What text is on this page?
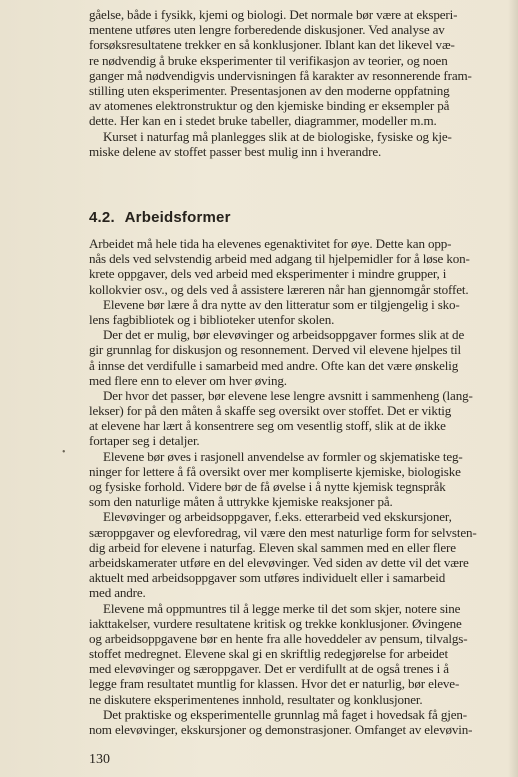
gåelse, både i fysikk, kjemi og biologi. Det normale bør være at eksperi-
mentene utføres uten lengre forberedende diskusjoner. Ved analyse av
forsøksresultatene trekker en så konklusjoner. Iblant kan det likevel væ-
re nødvendig å bruke eksperimenter til verifikasjon av teorier, og noen
ganger må nødvendigvis undervisningen få karakter av resonnerende fram-
stilling uten eksperimenter. Presentasjonen av den moderne oppfatning
av atomenes elektronstruktur og den kjemiske binding er eksempler på
dette. Her kan en i stedet bruke tabeller, diagrammer, modeller m.m.
Kurset i naturfag må planlegges slik at de biologiske, fysiske og kje-
miske delene av stoffet passer best mulig inn i hverandre.
4.2. Arbeidsformer
Arbeidet må hele tida ha elevenes egenaktivitet for øye. Dette kan opp-
nås dels ved selvstendig arbeid med adgang til hjelpemidler for å løse kon-
krete oppgaver, dels ved arbeid med eksperimenter i mindre grupper, i
kollokvier osv., og dels ved å assistere læreren når han gjennomgår stoffet.
Elevene bør lære å dra nytte av den litteratur som er tilgjengelig i sko-
lens fagbibliotek og i biblioteker utenfor skolen.
Der det er mulig, bør elevøvinger og arbeidsoppgaver formes slik at de
gir grunnlag for diskusjon og resonnement. Derved vil elevene hjelpes til
å innse det verdifulle i samarbeid med andre. Ofte kan det være ønskelig
med flere enn to elever om hver øving.
Der hvor det passer, bør elevene lese lengre avsnitt i sammenheng (lang-
lekser) for på den måten å skaffe seg oversikt over stoffet. Det er viktig
at elevene har lært å konsentrere seg om vesentlig stoff, slik at de ikke
fortaper seg i detaljer.
Elevene bør øves i rasjonell anvendelse av formler og skjematiske teg-
ninger for lettere å få oversikt over mer kompliserte kjemiske, biologiske
og fysiske forhold. Videre bør de få øvelse i å nytte kjemisk tegnspråk
som den naturlige måten å uttrykke kjemiske reaksjoner på.
Elevøvinger og arbeidsoppgaver, f.eks. etterarbeid ved ekskursjoner,
særoppgaver og elevforedrag, vil være den mest naturlige form for selvsten-
dig arbeid for elevene i naturfag. Eleven skal sammen med en eller flere
arbeidskamerater utføre en del elevøvinger. Ved siden av dette vil det være
aktuelt med arbeidsoppgaver som utføres individuelt eller i samarbeid
med andre.
Elevene må oppmuntres til å legge merke til det som skjer, notere sine
iakttakelser, vurdere resultatene kritisk og trekke konklusjoner. Øvingene
og arbeidsoppgavene bør en hente fra alle hoveddeler av pensum, tilvalgs-
stoffet medregnet. Elevene skal gi en skriftlig redegjørelse for arbeidet
med elevøvinger og særoppgaver. Det er verdifullt at de også trenes i å
legge fram resultatet muntlig for klassen. Hvor det er naturlig, bør eleve-
ne diskutere eksperimentenes innhold, resultater og konklusjoner.
Det praktiske og eksperimentelle grunnlag må faget i hovedsak få gjen-
nom elevøvinger, ekskursjoner og demonstrasjoner. Omfanget av elevøvin-
•
130
